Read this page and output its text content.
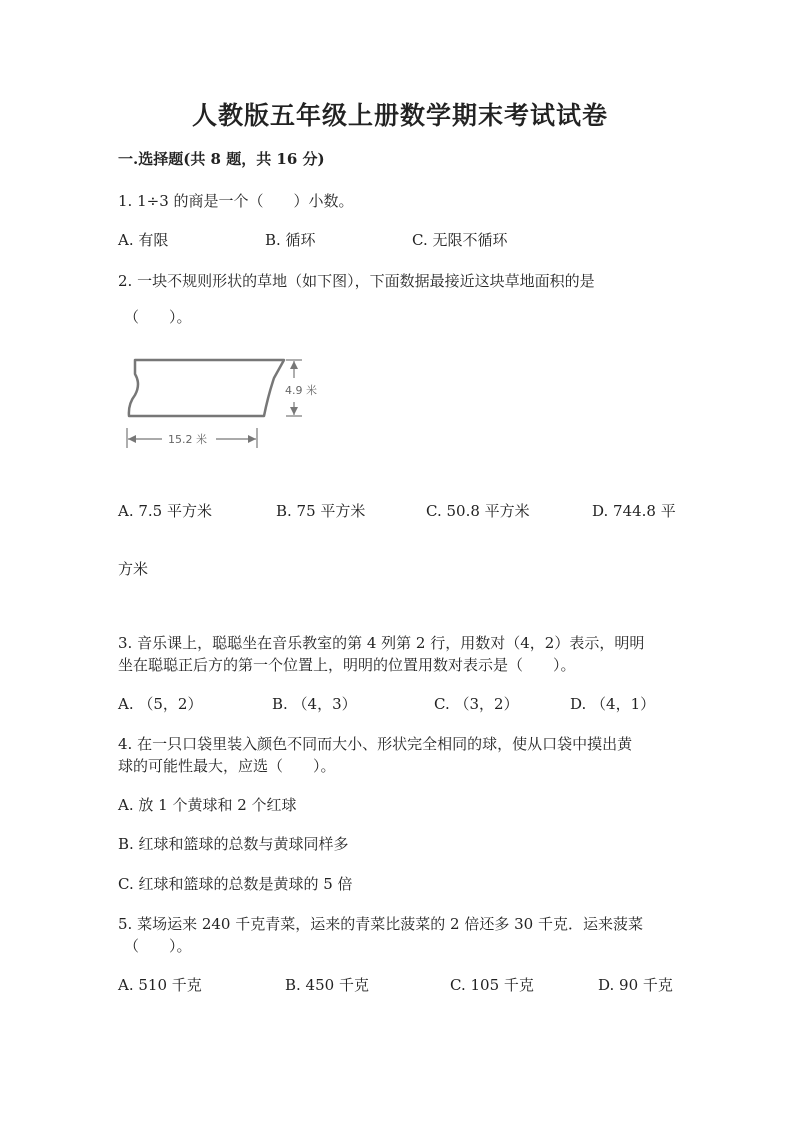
人教版五年级上册数学期末考试试卷
一.选择题(共 8 题，共 16 分)
1. 1÷3 的商是一个（　　）小数。
A. 有限	B. 循环	C. 无限不循环
2. 一块不规则形状的草地（如下图），下面数据最接近这块草地面积的是
（　　）。
4.9 米
15.2 米
A. 7.5 平方米	B. 75 平方米	C. 50.8 平方米	D. 744.8 平
方米
3. 音乐课上，聪聪坐在音乐教室的第 4 列第 2 行，用数对（4，2）表示，明明
坐在聪聪正后方的第一个位置上，明明的位置用数对表示是（　　）。
A. （5，2）	B. （4，3）	C. （3，2）	D. （4，1）
4. 在一只口袋里装入颜色不同而大小、形状完全相同的球，使从口袋中摸出黄
球的可能性最大，应选（　　）。
A. 放 1 个黄球和 2 个红球
B. 红球和篮球的总数与黄球同样多
C. 红球和篮球的总数是黄球的 5 倍
5. 菜场运来 240 千克青菜，运来的青菜比菠菜的 2 倍还多 30 千克．运来菠菜
（　　）。
A. 510 千克	B. 450 千克	C. 105 千克	D. 90 千克
